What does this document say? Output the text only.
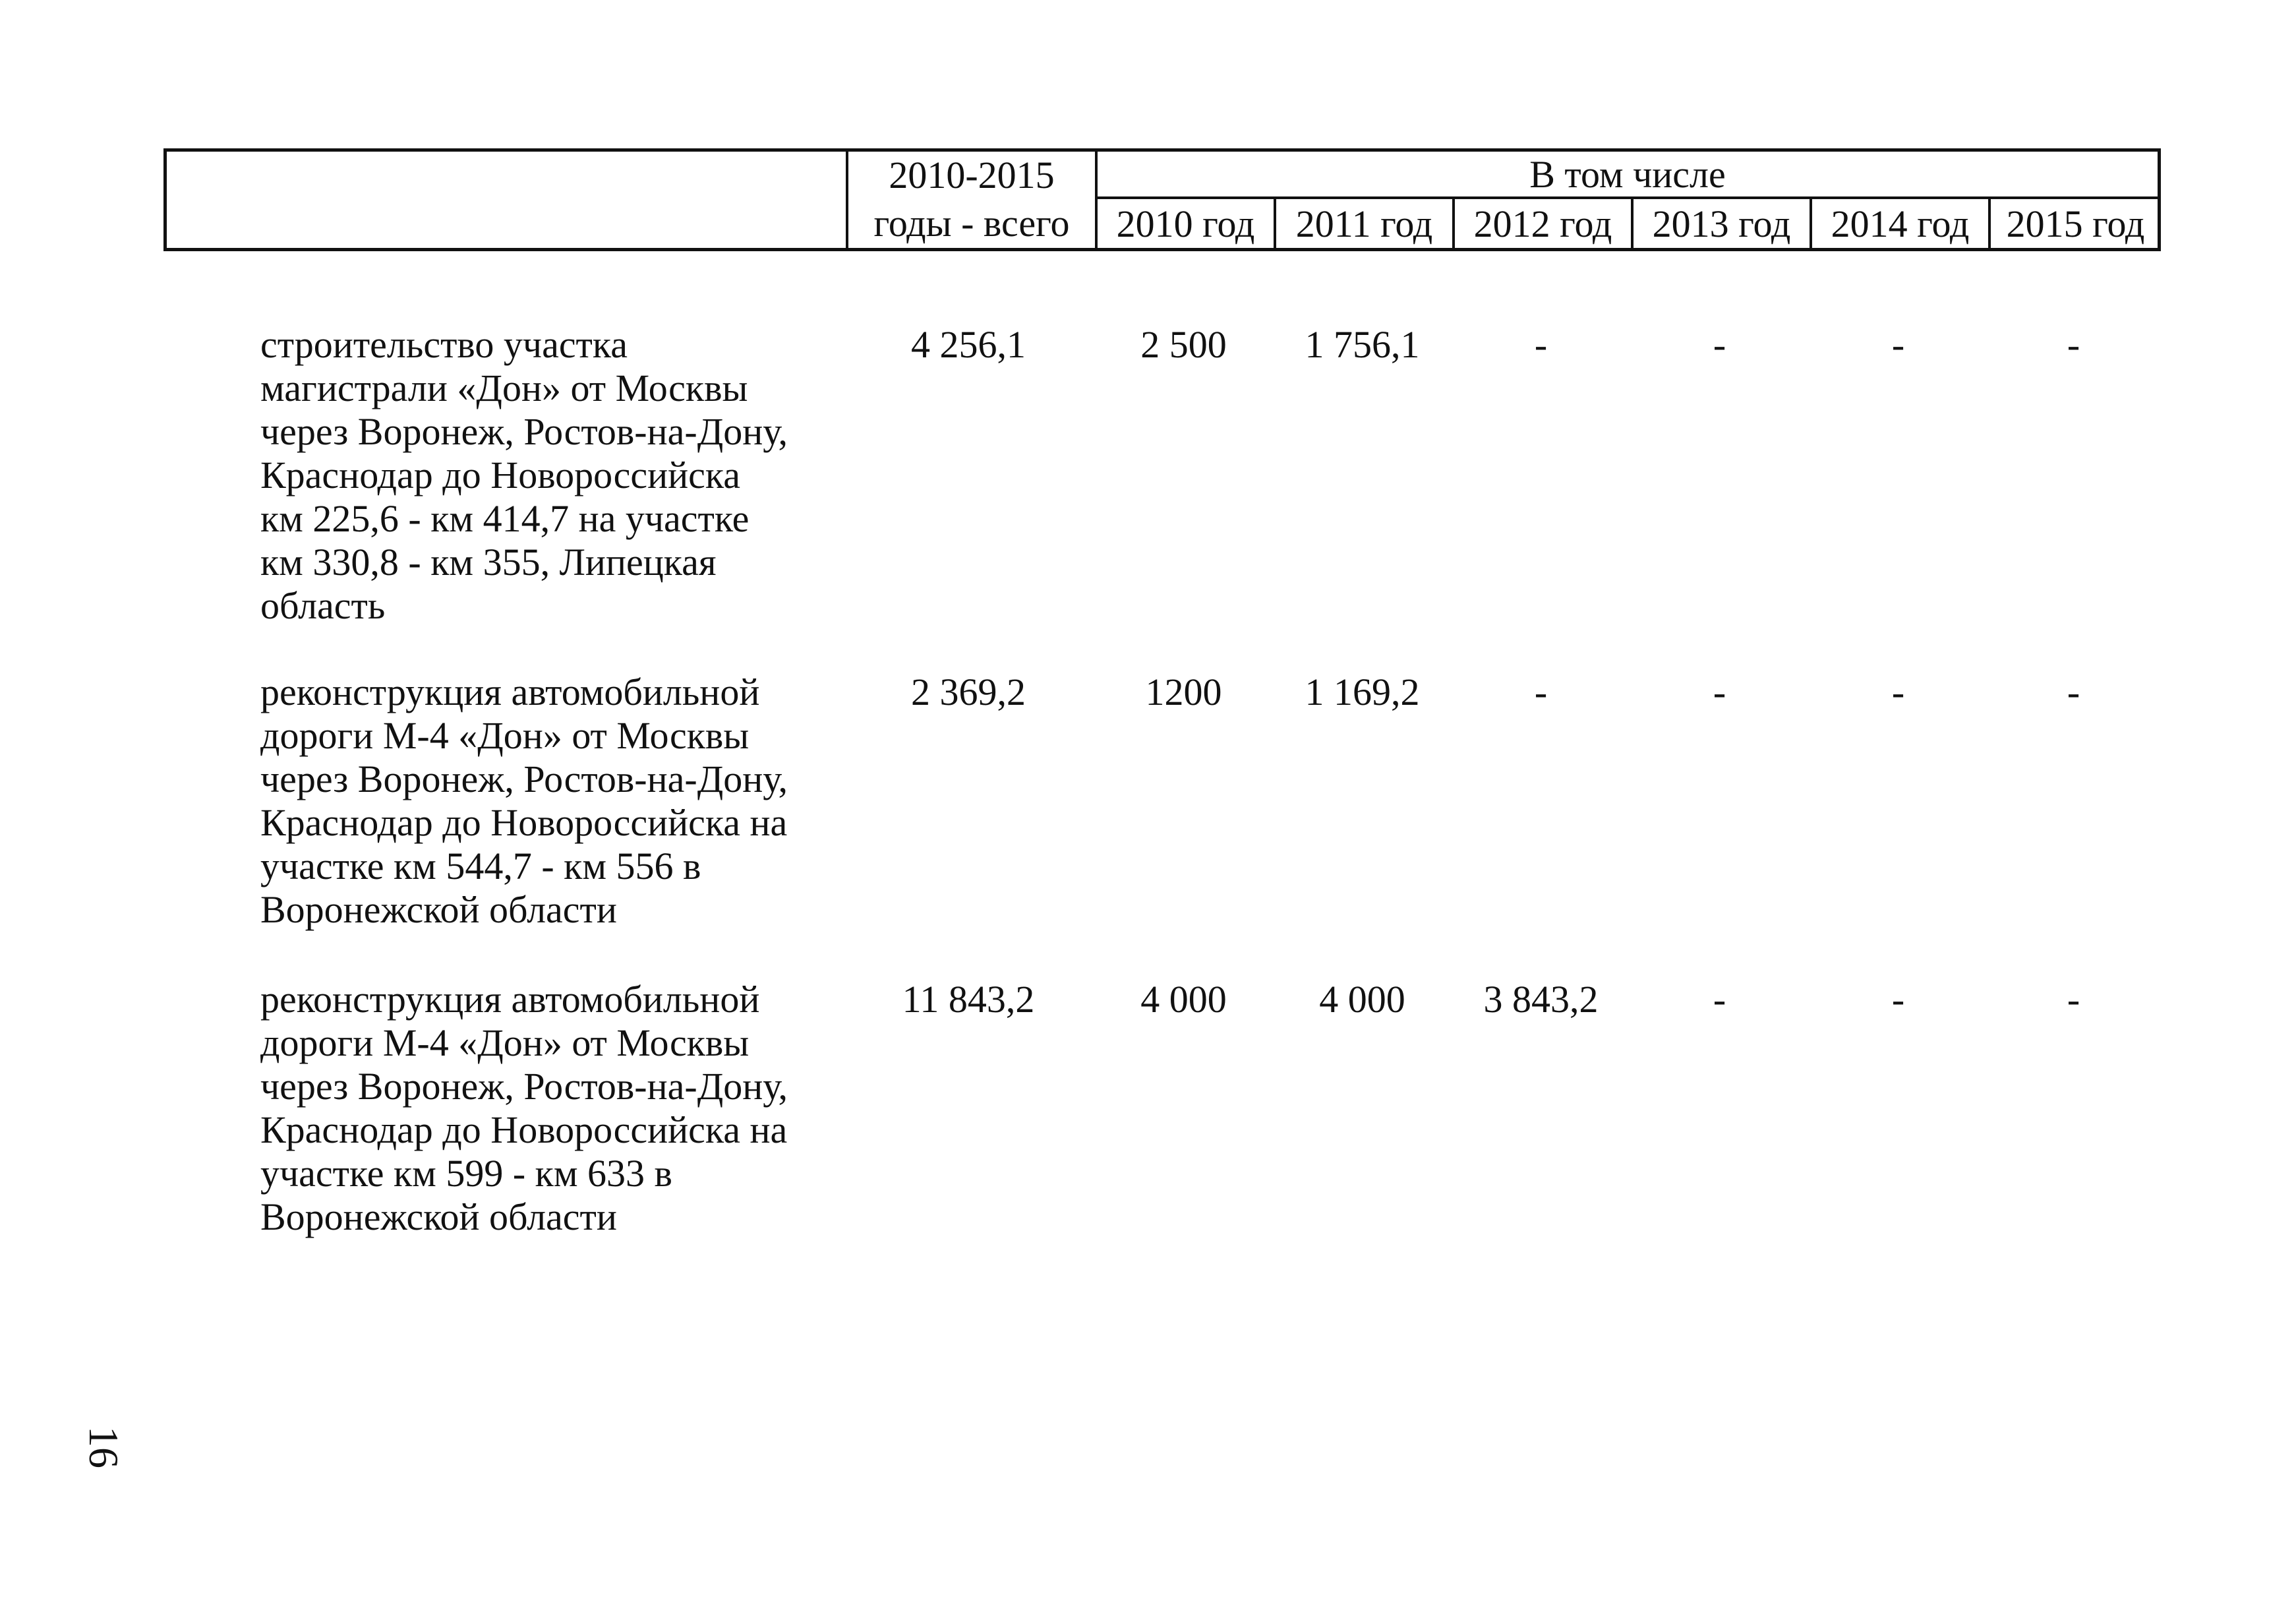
2010-2015
годы - всего
В том числе
2010 год	2011 год	2012 год	2013 год	2014 год 2015 год
строительство участка
магистрали «Дон» от Москвы
через Воронеж, Ростов-на-Дону,
Краснодар до Новороссийска
км 225,6 - км 414,7 на участке
км 330,8 - км 355, Липецкая
область
4 256,1	2 500	1 756,1	-	-	-	-
реконструкция автомобильной
дороги М-4 «Дон» от Москвы
через Воронеж, Ростов-на-Дону,
Краснодар до Новороссийска на
участке км 544,7 - км 556 в
Воронежской области
2 369,2	1200	1 169,2	-	-	-	-
реконструкция автомобильной
дороги М-4 «Дон» от Москвы
через Воронеж, Ростов-на-Дону,
Краснодар до Новороссийска на
участке км 599 - км 633 в
Воронежской области
11 843,2	4 000	4 000	3 843,2	-	-	-
16
